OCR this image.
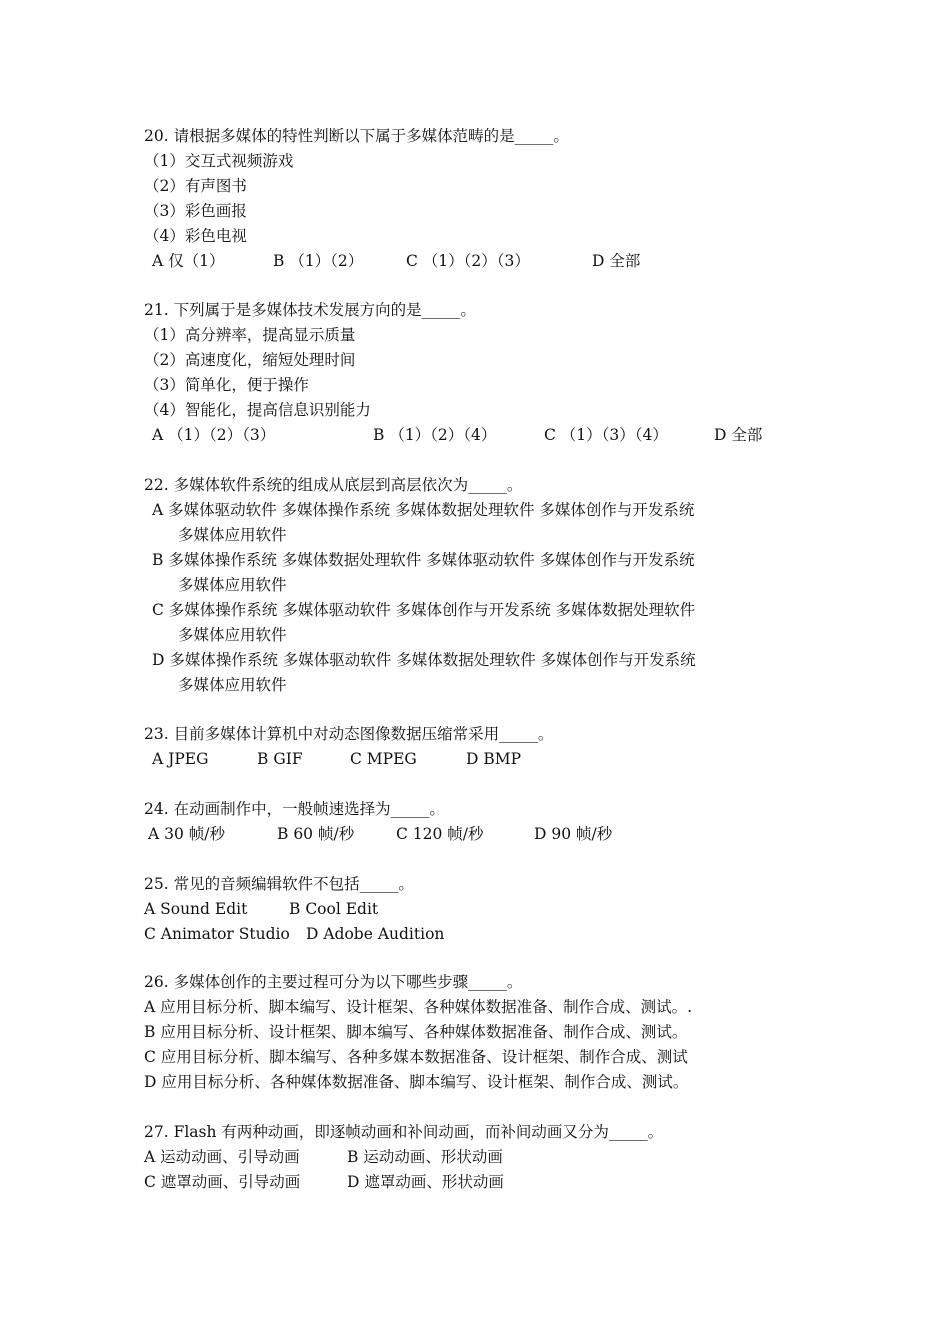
20. 请根据多媒体的特性判断以下属于多媒体范畴的是_____。
（1）交互式视频游戏
（2）有声图书
（3）彩色画报
（4）彩色电视
A 仅（1）	B （1）（2）	C （1）（2）（3）	D 全部
21. 下列属于是多媒体技术发展方向的是_____。
（1）高分辨率，提高显示质量
（2）高速度化，缩短处理时间
（3）简单化，便于操作
（4）智能化，提高信息识别能力
A （1）（2）（3）	B （1）（2）（4）	C （1）（3）（4）	D 全部
22. 多媒体软件系统的组成从底层到高层依次为_____。
A 多媒体驱动软件 多媒体操作系统 多媒体数据处理软件 多媒体创作与开发系统
多媒体应用软件
B 多媒体操作系统 多媒体数据处理软件 多媒体驱动软件 多媒体创作与开发系统
多媒体应用软件
C 多媒体操作系统 多媒体驱动软件 多媒体创作与开发系统 多媒体数据处理软件
多媒体应用软件
D 多媒体操作系统 多媒体驱动软件 多媒体数据处理软件 多媒体创作与开发系统
多媒体应用软件
23. 目前多媒体计算机中对动态图像数据压缩常采用_____。
A JPEG	B GIF	C MPEG	D BMP
24. 在动画制作中，一般帧速选择为_____。
A 30 帧/秒	B 60 帧/秒	C 120 帧/秒	D 90 帧/秒
25. 常见的音频编辑软件不包括_____。
A Sound Edit	B Cool Edit
C Animator Studio D Adobe Audition
26. 多媒体创作的主要过程可分为以下哪些步骤_____。
A 应用目标分析、脚本编写、设计框架、各种媒体数据准备、制作合成、测试。.
B 应用目标分析、设计框架、脚本编写、各种媒体数据准备、制作合成、测试。
C 应用目标分析、脚本编写、各种多媒本数据准备、设计框架、制作合成、测试
D 应用目标分析、各种媒体数据准备、脚本编写、设计框架、制作合成、测试。
27. Flash 有两种动画，即逐帧动画和补间动画，而补间动画又分为_____。
A 运动动画、引导动画	B 运动动画、形状动画
C 遮罩动画、引导动画	D 遮罩动画、形状动画
